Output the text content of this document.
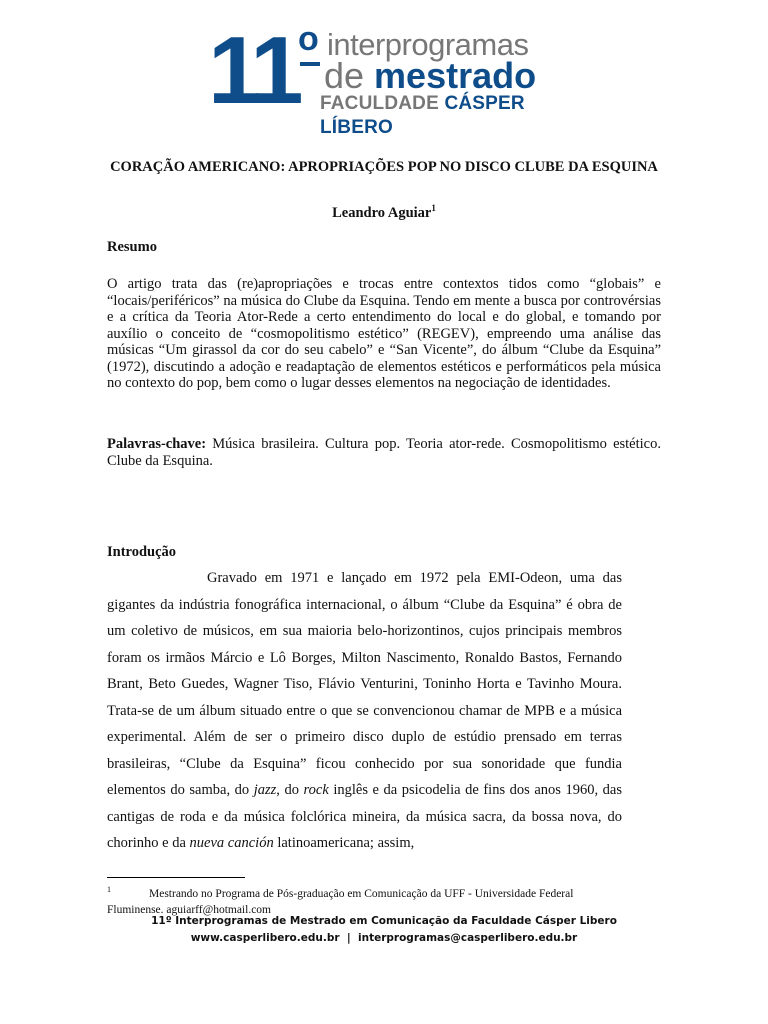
11 o interprogramas
de mestrado
FACULDADE CÁSPER LÍBERO
CORAÇÃO AMERICANO: APROPRIAÇÕES POP NO DISCO CLUBE DA ESQUINA
Leandro Aguiar$^1$
Resumo
O artigo trata das (re)apropriações e trocas entre contextos tidos como “globais” e “locais/periféricos” na música do Clube da Esquina. Tendo em mente a busca por controvérsias e a crítica da Teoria Ator-Rede a certo entendimento do local e do global, e tomando por auxílio o conceito de “cosmopolitismo estético” (REGEV), empreendo uma análise das músicas “Um girassol da cor do seu cabelo” e “San Vicente”, do álbum “Clube da Esquina” (1972), discutindo a adoção e readaptação de elementos estéticos e performáticos pela música no contexto do pop, bem como o lugar desses elementos na negociação de identidades.
Palavras-chave: Música brasileira. Cultura pop. Teoria ator-rede. Cosmopolitismo estético. Clube da Esquina.
Introdução
Gravado em 1971 e lançado em 1972 pela EMI-Odeon, uma das gigantes da indústria fonográfica internacional, o álbum “Clube da Esquina” é obra de um coletivo de músicos, em sua maioria belo-horizontinos, cujos principais membros foram os irmãos Márcio e Lô Borges, Milton Nascimento, Ronaldo Bastos, Fernando Brant, Beto Guedes, Wagner Tiso, Flávio Venturini, Toninho Horta e Tavinho Moura. Trata-se de um álbum situado entre o que se convencionou chamar de MPB e a música experimental. Além de ser o primeiro disco duplo de estúdio prensado em terras brasileiras, “Clube da Esquina” ficou conhecido por sua sonoridade que fundia elementos do samba, do jazz, do rock inglês e da psicodelia de fins dos anos 1960, das cantigas de roda e da música folclórica mineira, da música sacra, da bossa nova, do chorinho e da nueva canción latinoamericana; assim,
$^1$	Mestrando no Programa de Pós-graduação em Comunicação da UFF - Universidade Federal Fluminense. aguiarff@hotmail.com
11º Interprogramas de Mestrado em Comunicação da Faculdade Cásper Libero
www.casperlibero.edu.br  |  interprogramas@casperlibero.edu.br
